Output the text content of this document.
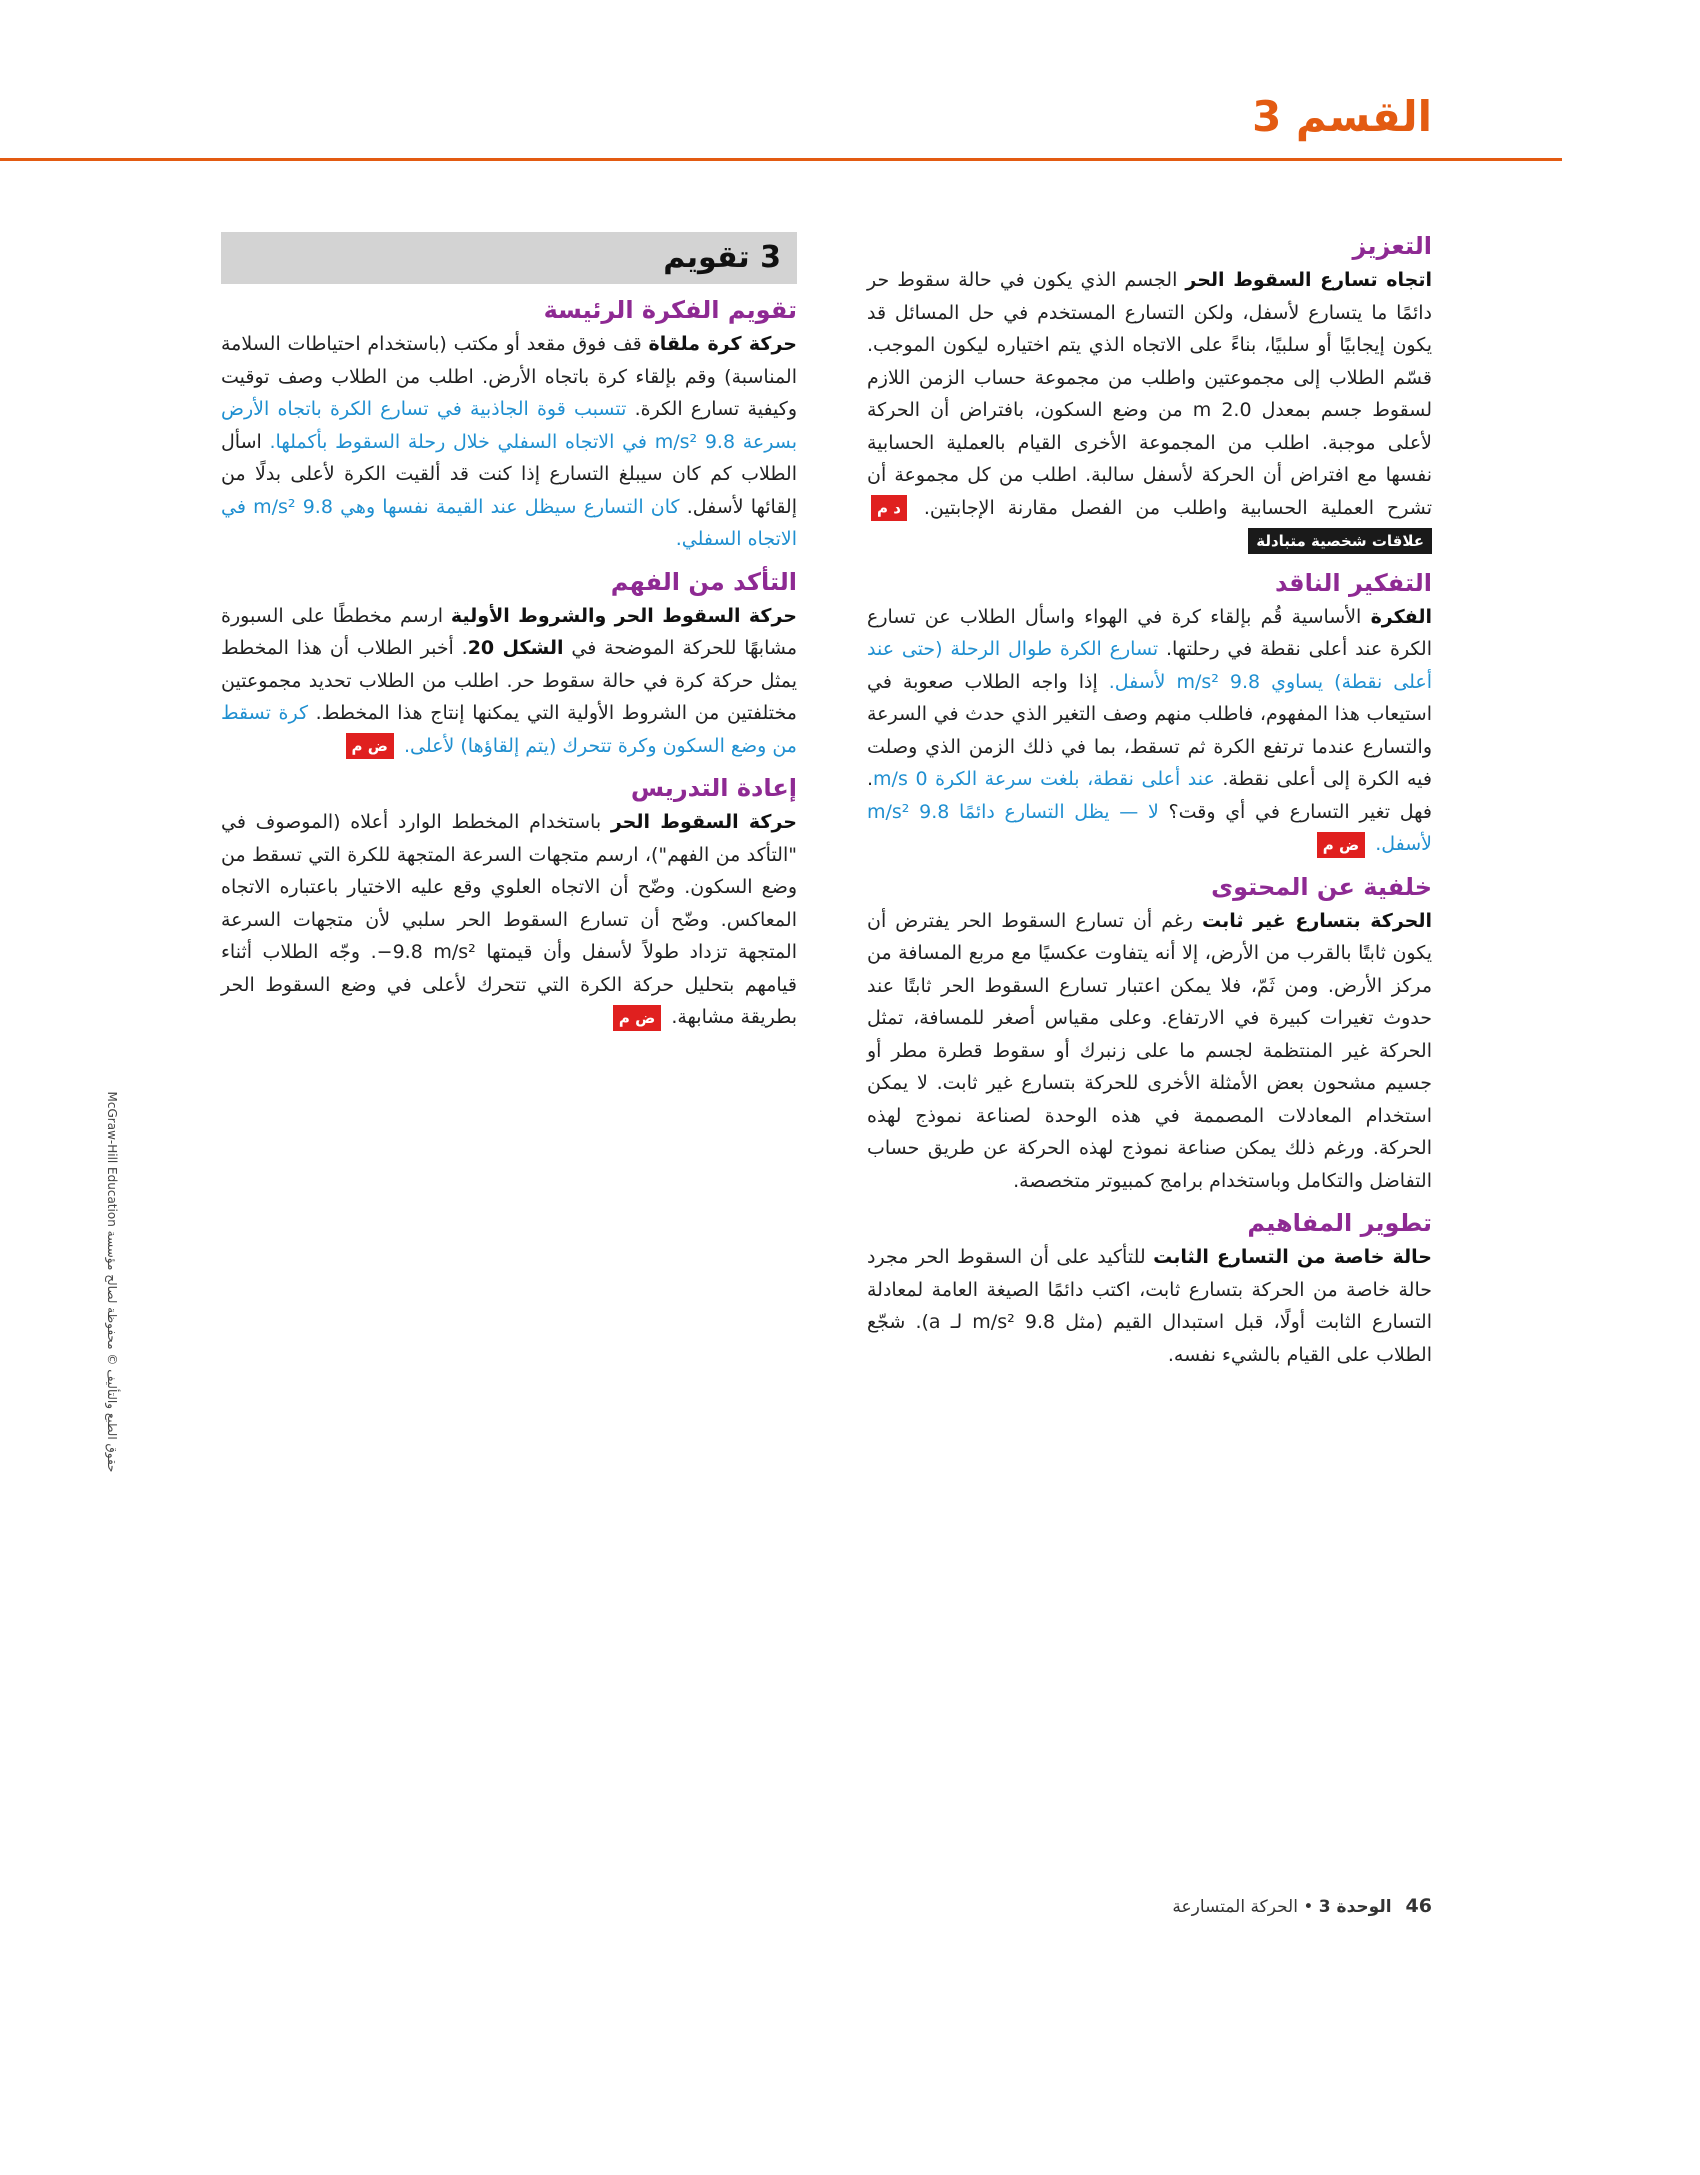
القسم 3
التعزيز

اتجاه تسارع السقوط الحر الجسم الذي يكون في حالة سقوط حر دائمًا ما يتسارع لأسفل، ولكن التسارع المستخدم في حل المسائل قد يكون إيجابيًا أو سلبيًا، بناءً على الاتجاه الذي يتم اختياره ليكون الموجب. قسّم الطلاب إلى مجموعتين واطلب من مجموعة حساب الزمن اللازم لسقوط جسم بمعدل 2.0 m من وضع السكون، بافتراض أن الحركة لأعلى موجبة. اطلب من المجموعة الأخرى القيام بالعملية الحسابية نفسها مع افتراض أن الحركة لأسفل سالبة. اطلب من كل مجموعة أن تشرح العملية الحسابية واطلب من الفصل مقارنة الإجابتين. د معلاقات شخصية متبادلة

التفكير الناقد

الفكرة الأساسية قُم بإلقاء كرة في الهواء واسأل الطلاب عن تسارع الكرة عند أعلى نقطة في رحلتها. تسارع الكرة طوال الرحلة (حتى عند أعلى نقطة) يساوي 9.8 m/s² لأسفل. إذا واجه الطلاب صعوبة في استيعاب هذا المفهوم، فاطلب منهم وصف التغير الذي حدث في السرعة والتسارع عندما ترتفع الكرة ثم تسقط، بما في ذلك الزمن الذي وصلت فيه الكرة إلى أعلى نقطة. عند أعلى نقطة، بلغت سرعة الكرة 0 m/s. فهل تغير التسارع في أي وقت؟ لا — يظل التسارع دائمًا 9.8 m/s² لأسفل. ض م

خلفية عن المحتوى

الحركة بتسارع غير ثابت رغم أن تسارع السقوط الحر يفترض أن يكون ثابتًا بالقرب من الأرض، إلا أنه يتفاوت عكسيًا مع مربع المسافة من مركز الأرض. ومن ثَمّ، فلا يمكن اعتبار تسارع السقوط الحر ثابتًا عند حدوث تغيرات كبيرة في الارتفاع. وعلى مقياس أصغر للمسافة، تمثل الحركة غير المنتظمة لجسم ما على زنبرك أو سقوط قطرة مطر أو جسيم مشحون بعض الأمثلة الأخرى للحركة بتسارع غير ثابت. لا يمكن استخدام المعادلات المصممة في هذه الوحدة لصناعة نموذج لهذه الحركة. ورغم ذلك يمكن صناعة نموذج لهذه الحركة عن طريق حساب التفاضل والتكامل وباستخدام برامج كمبيوتر متخصصة.

تطوير المفاهيم

حالة خاصة من التسارع الثابت للتأكيد على أن السقوط الحر مجرد حالة خاصة من الحركة بتسارع ثابت، اكتب دائمًا الصيغة العامة لمعادلة التسارع الثابت أولًا، قبل استبدال القيم (مثل 9.8 m/s² لـ a). شجّع الطلاب على القيام بالشيء نفسه.

3 تقويم
تقويم الفكرة الرئيسة

حركة كرة ملقاة قف فوق مقعد أو مكتب (باستخدام احتياطات السلامة المناسبة) وقم بإلقاء كرة باتجاه الأرض. اطلب من الطلاب وصف توقيت وكيفية تسارع الكرة. تتسبب قوة الجاذبية في تسارع الكرة باتجاه الأرض بسرعة 9.8 m/s² في الاتجاه السفلي خلال رحلة السقوط بأكملها. اسأل الطلاب كم كان سيبلغ التسارع إذا كنت قد ألقيت الكرة لأعلى بدلًا من إلقائها لأسفل. كان التسارع سيظل عند القيمة نفسها وهي 9.8 m/s² في الاتجاه السفلي.

التأكد من الفهم

حركة السقوط الحر والشروط الأولية ارسم مخططًا على السبورة مشابهًا للحركة الموضحة في الشكل 20. أخبر الطلاب أن هذا المخطط يمثل حركة كرة في حالة سقوط حر. اطلب من الطلاب تحديد مجموعتين مختلفتين من الشروط الأولية التي يمكنها إنتاج هذا المخطط. كرة تسقط من وضع السكون وكرة تتحرك (يتم إلقاؤها) لأعلى. ض م

إعادة التدريس

حركة السقوط الحر باستخدام المخطط الوارد أعلاه (الموصوف في "التأكد من الفهم")، ارسم متجهات السرعة المتجهة للكرة التي تسقط من وضع السكون. وضّح أن الاتجاه العلوي وقع عليه الاختيار باعتباره الاتجاه المعاكس. وضّح أن تسارع السقوط الحر سلبي لأن متجهات السرعة المتجهة تزداد طولاً لأسفل وأن قيمتها ‎−9.8 m/s²‎. وجّه الطلاب أثناء قيامهم بتحليل حركة الكرة التي تتحرك لأعلى في وضع السقوط الحر بطريقة مشابهة. ض م

حقوق الطبع والتأليف © محفوظة لصالح مؤسسة McGraw-Hill Education
46الوحدة 3 • الحركة المتسارعة
